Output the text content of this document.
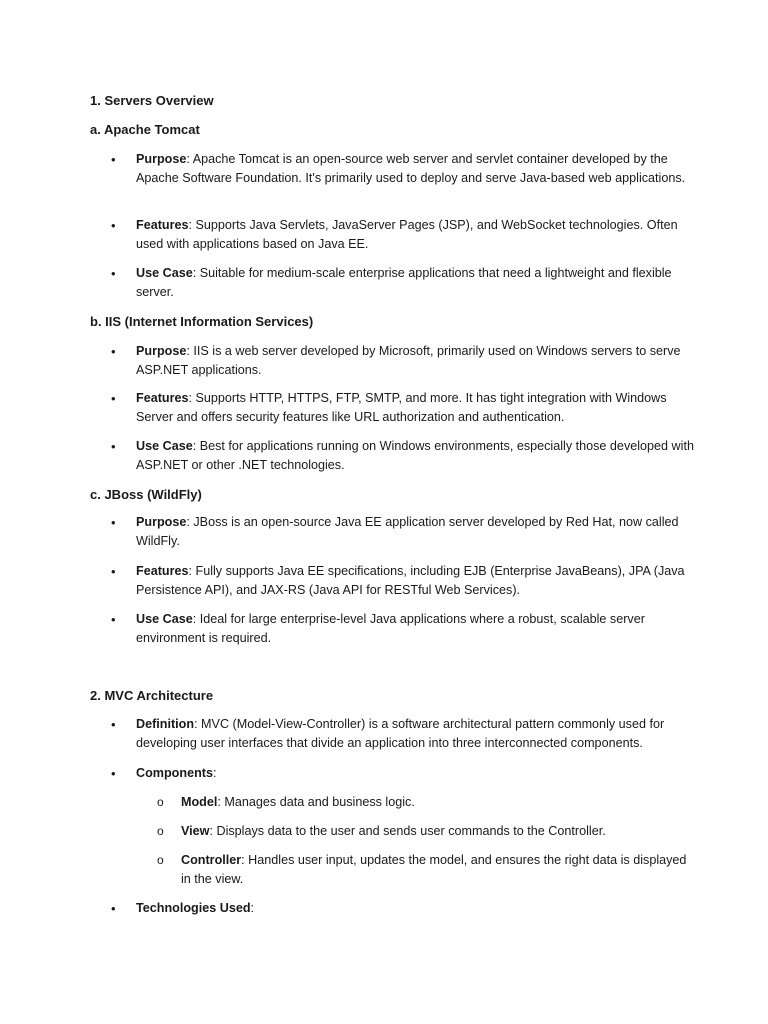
1. Servers Overview
a. Apache Tomcat
• Purpose: Apache Tomcat is an open-source web server and servlet container developed by the Apache Software Foundation. It's primarily used to deploy and serve Java-based web applications.
• Features: Supports Java Servlets, JavaServer Pages (JSP), and WebSocket technologies. Often used with applications based on Java EE.
• Use Case: Suitable for medium-scale enterprise applications that need a lightweight and flexible server.
b. IIS (Internet Information Services)
• Purpose: IIS is a web server developed by Microsoft, primarily used on Windows servers to serve ASP.NET applications.
• Features: Supports HTTP, HTTPS, FTP, SMTP, and more. It has tight integration with Windows Server and offers security features like URL authorization and authentication.
• Use Case: Best for applications running on Windows environments, especially those developed with ASP.NET or other .NET technologies.
c. JBoss (WildFly)
• Purpose: JBoss is an open-source Java EE application server developed by Red Hat, now called WildFly.
• Features: Fully supports Java EE specifications, including EJB (Enterprise JavaBeans), JPA (Java Persistence API), and JAX-RS (Java API for RESTful Web Services).
• Use Case: Ideal for large enterprise-level Java applications where a robust, scalable server environment is required.
2. MVC Architecture
• Definition: MVC (Model-View-Controller) is a software architectural pattern commonly used for developing user interfaces that divide an application into three interconnected components.
• Components:
o Model: Manages data and business logic.
o View: Displays data to the user and sends user commands to the Controller.
o Controller: Handles user input, updates the model, and ensures the right data is displayed in the view.
• Technologies Used:
